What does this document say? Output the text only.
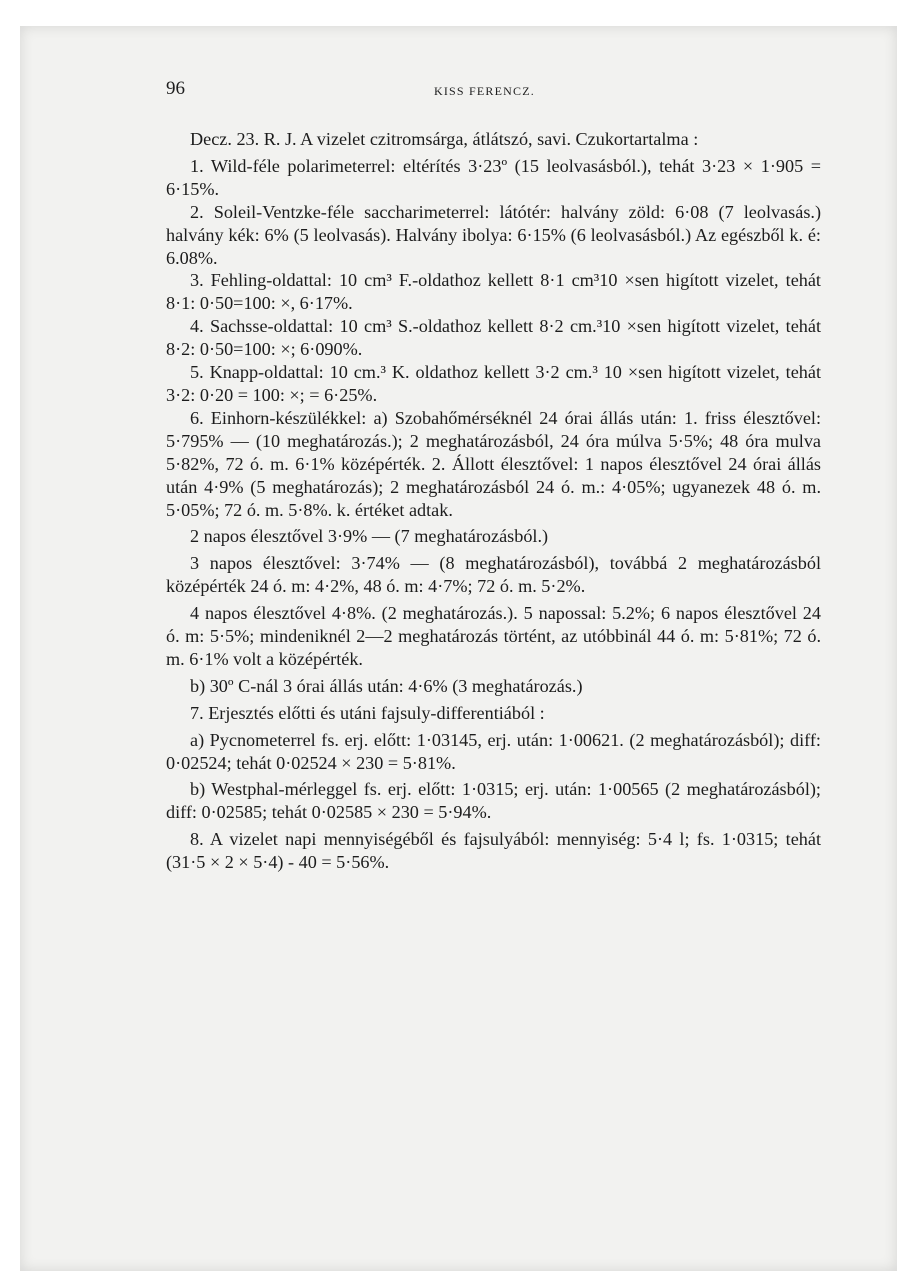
96	KISS FERENCZ.

Decz. 23. R. J. A vizelet czitromsárga, átlátszó, savi. Czukortartalma :

1. Wild-féle polarimeterrel: eltérítés 3·23º (15 leolvasásból.), tehát 3·23 × 1·905 = 6·15%.

2. Soleil-Ventzke-féle saccharimeterrel: látótér: halvány zöld: 6·08 (7 leolvasás.) halvány kék: 6% (5 leolvasás). Halvány ibolya: 6·15% (6 leolvasásból.) Az egészből k. é: 6.08%.

3. Fehling-oldattal: 10 cm³ F.-oldathoz kellett 8·1 cm³10 ×sen higított vizelet, tehát 8·1: 0·50=100: ×, 6·17%.

4. Sachsse-oldattal: 10 cm³ S.-oldathoz kellett 8·2 cm.³10 ×sen higított vizelet, tehát 8·2: 0·50=100: ×; 6·090%.

5. Knapp-oldattal: 10 cm.³ K. oldathoz kellett 3·2 cm.³ 10 ×sen higított vizelet, tehát 3·2: 0·20 = 100: ×; = 6·25%.

6. Einhorn-készülékkel: a) Szobahőmérséknél 24 órai állás után: 1. friss élesztővel: 5·795% — (10 meghatározás.); 2 meghatározásból, 24 óra múlva 5·5%; 48 óra mulva 5·82%, 72 ó. m. 6·1% középérték. 2. Állott élesztővel: 1 napos élesztővel 24 órai állás után 4·9% (5 meghatározás); 2 meghatározásból 24 ó. m.: 4·05%; ugyanezek 48 ó. m. 5·05%; 72 ó. m. 5·8%. k. értéket adtak.

2 napos élesztővel 3·9% — (7 meghatározásból.)

3 napos élesztővel: 3·74% — (8 meghatározásból), továbbá 2 meghatározásból középérték 24 ó. m: 4·2%, 48 ó. m: 4·7%; 72 ó. m. 5·2%.

4 napos élesztővel 4·8%. (2 meghatározás.). 5 napossal: 5.2%; 6 napos élesztővel 24 ó. m: 5·5%; mindeniknél 2—2 meghatározás történt, az utóbbinál 44 ó. m: 5·81%; 72 ó. m. 6·1% volt a középérték.

b) 30º C-nál 3 órai állás után: 4·6% (3 meghatározás.)

7. Erjesztés előtti és utáni fajsuly-differentiából :

a) Pycnometerrel fs. erj. előtt: 1·03145, erj. után: 1·00621. (2 meghatározásból); diff: 0·02524; tehát 0·02524 × 230 = 5·81%.

b) Westphal-mérleggel fs. erj. előtt: 1·0315; erj. után: 1·00565 (2 meghatározásból); diff: 0·02585; tehát 0·02585 × 230 = 5·94%.

8. A vizelet napi mennyiségéből és fajsulyából: mennyiség: 5·4 l; fs. 1·0315; tehát (31·5 × 2 × 5·4) - 40 = 5·56%.
